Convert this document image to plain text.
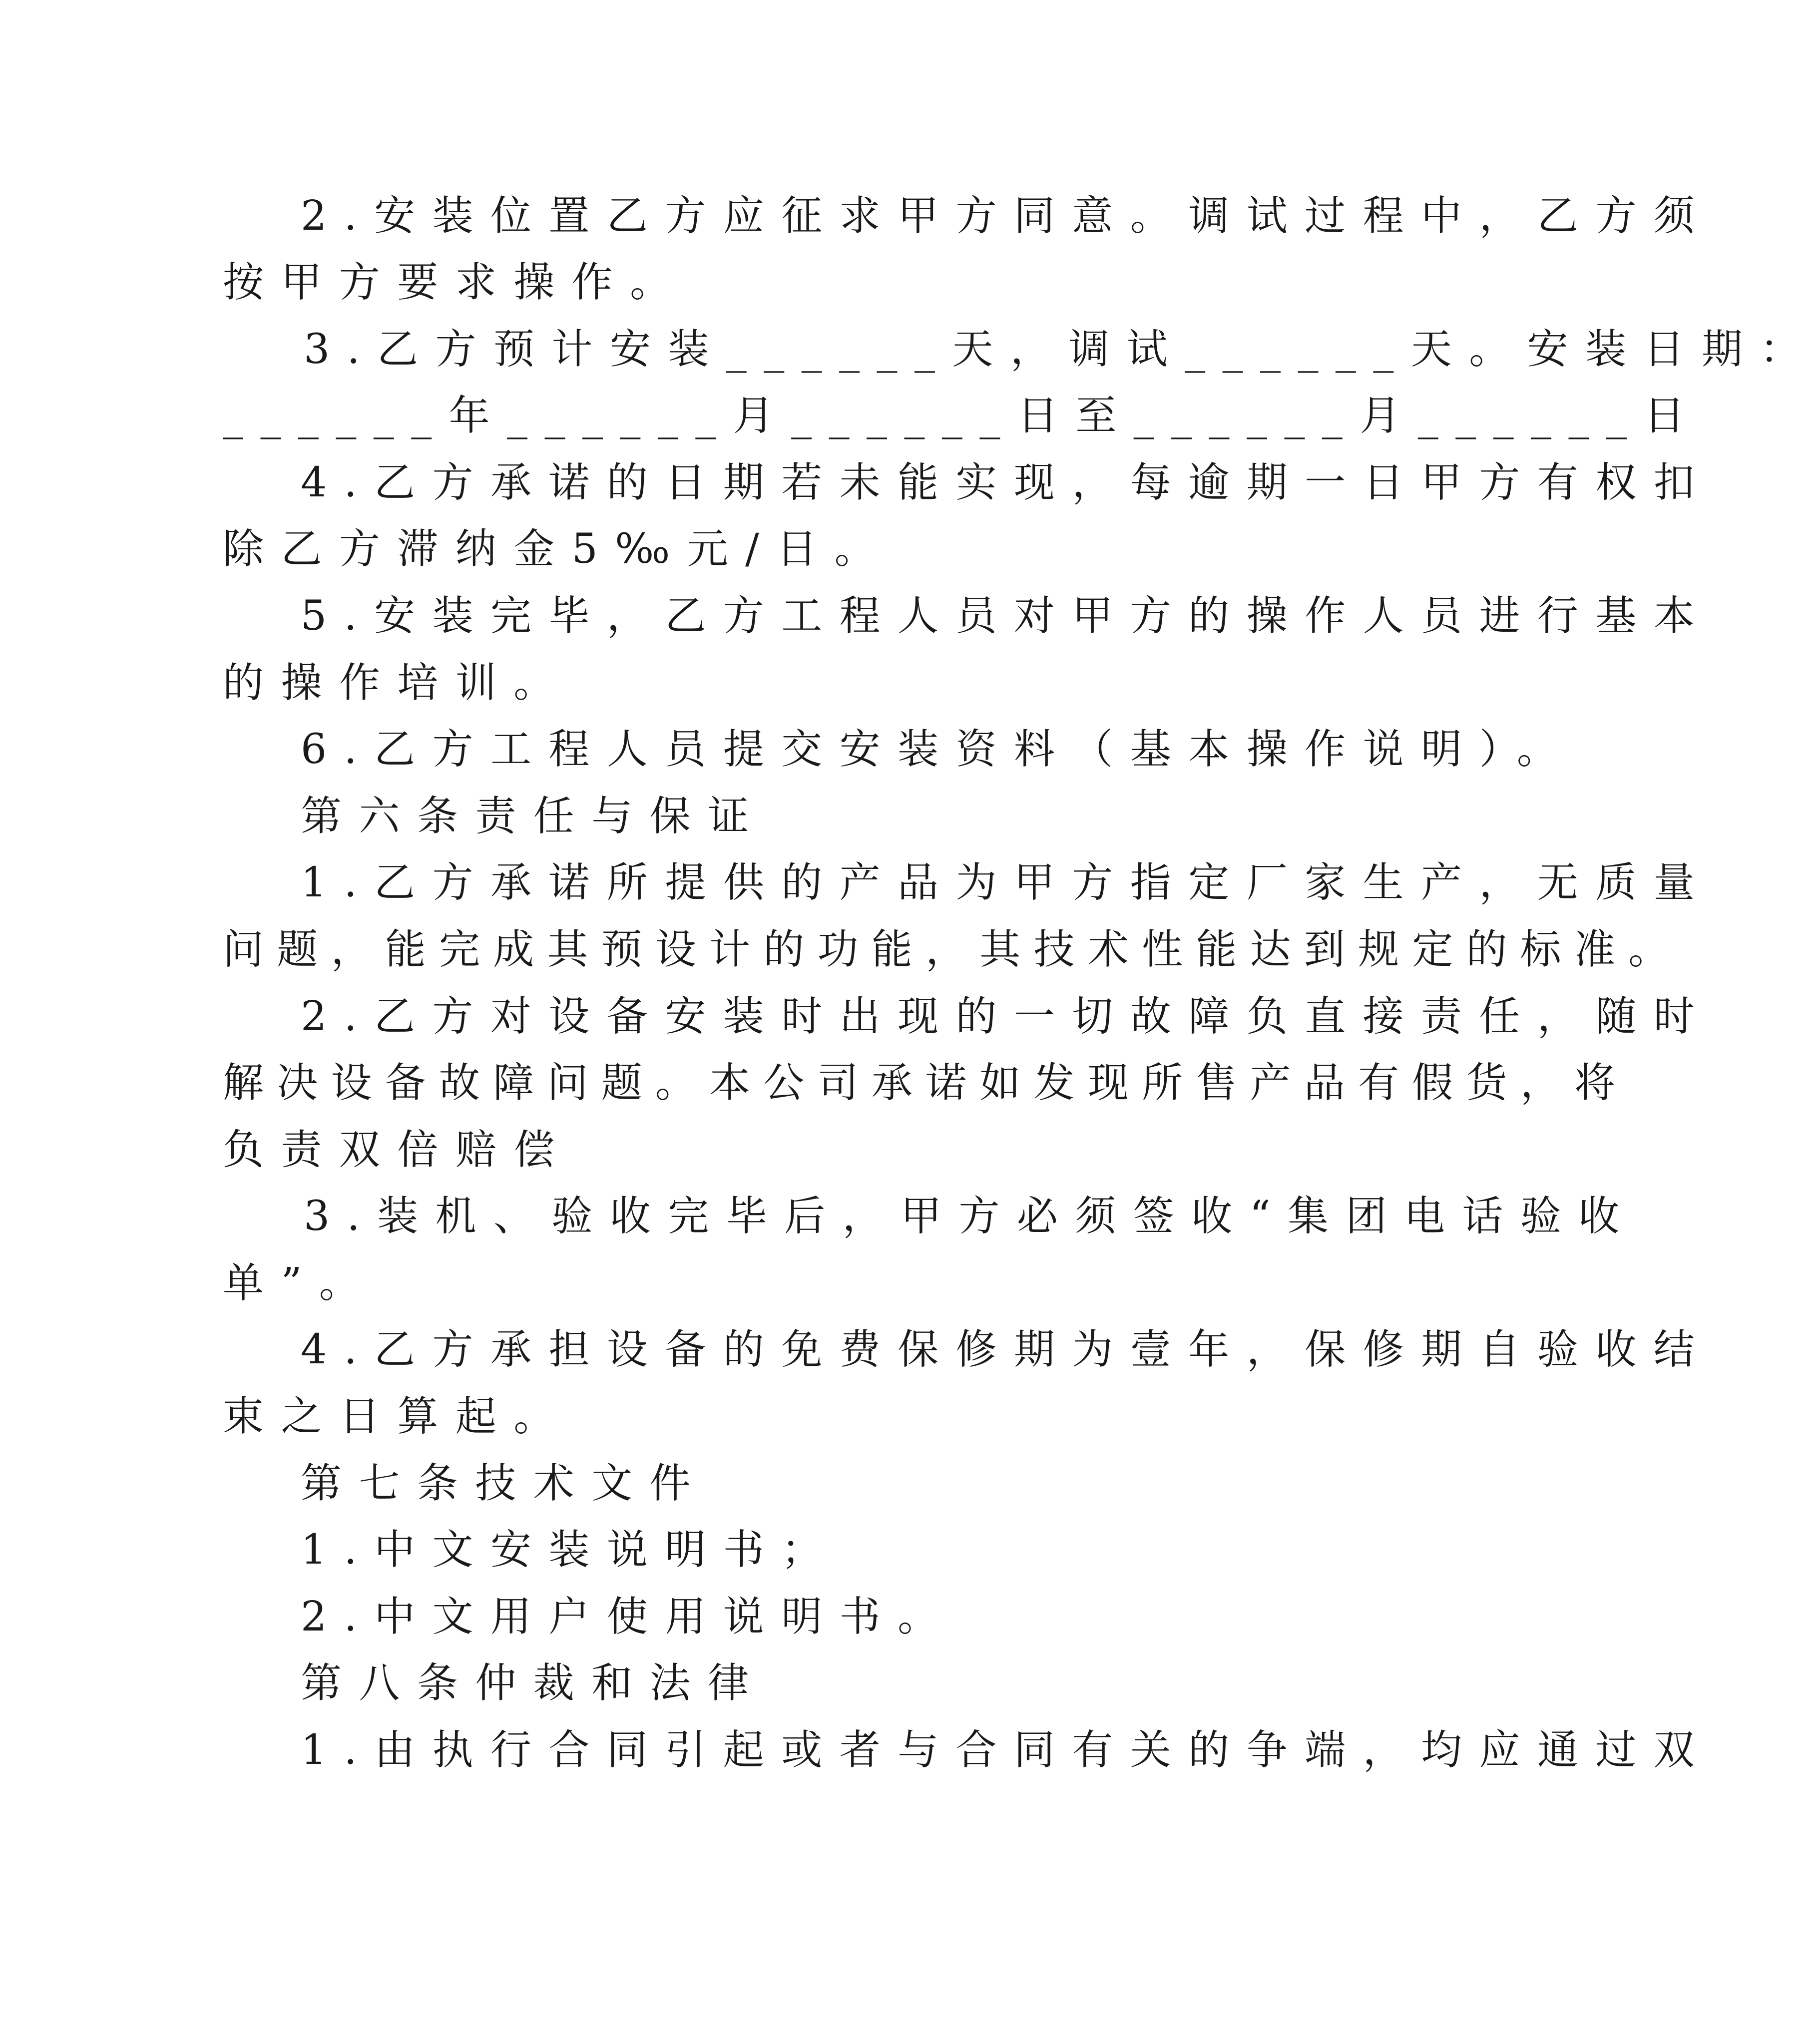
2.安装位置乙方应征求甲方同意。调试过程中，乙方须
按甲方要求操作。
3.乙方预计安装______天，调试______天。安装日期：
______年______月______日至______月______日
4.乙方承诺的日期若未能实现，每逾期一日甲方有权扣
除乙方滞纳金5‰元/日。
5.安装完毕，乙方工程人员对甲方的操作人员进行基本
的操作培训。
6.乙方工程人员提交安装资料（基本操作说明）。
第六条责任与保证
1.乙方承诺所提供的产品为甲方指定厂家生产，无质量
问题，能完成其预设计的功能，其技术性能达到规定的标准。
2.乙方对设备安装时出现的一切故障负直接责任，随时
解决设备故障问题。本公司承诺如发现所售产品有假货，将
负责双倍赔偿
3.装机、验收完毕后，甲方必须签收“集团电话验收
单”。
4.乙方承担设备的免费保修期为壹年，保修期自验收结
束之日算起。
第七条技术文件
1.中文安装说明书；
2.中文用户使用说明书。
第八条仲裁和法律
1.由执行合同引起或者与合同有关的争端，均应通过双
